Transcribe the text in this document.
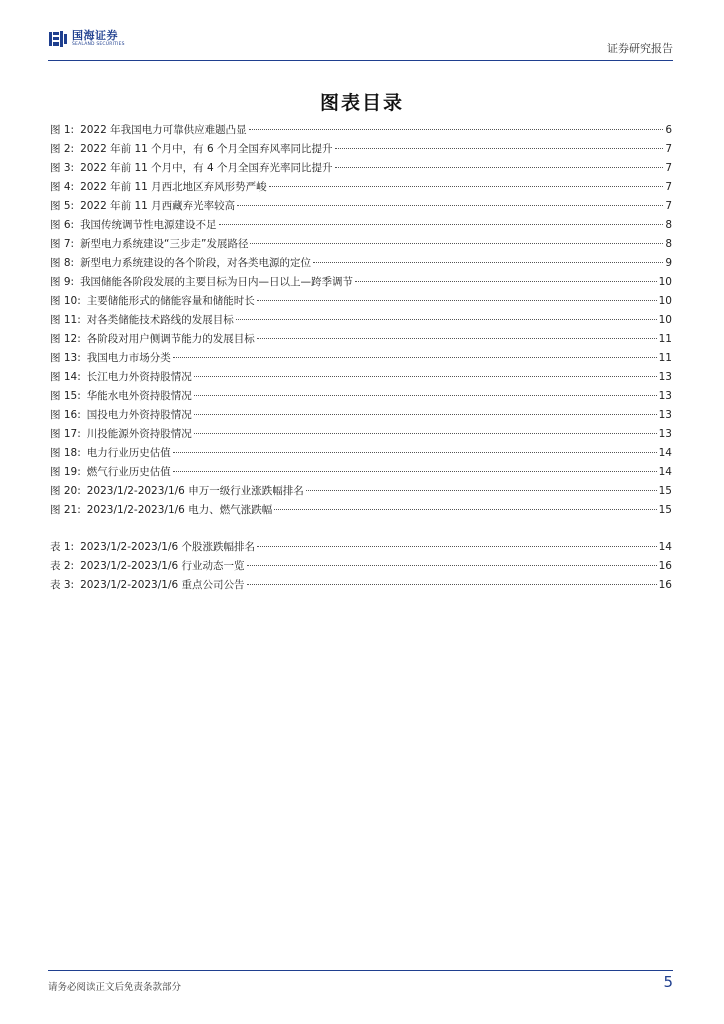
国海证券
SEALAND SECURITIES	证券研究报告
图表目录
图 1: 2022 年我国电力可靠供应难题凸显	6
图 2: 2022 年前 11 个月中，有 6 个月全国弃风率同比提升	7
图 3: 2022 年前 11 个月中，有 4 个月全国弃光率同比提升	7
图 4: 2022 年前 11 月西北地区弃风形势严峻	7
图 5: 2022 年前 11 月西藏弃光率较高	7
图 6: 我国传统调节性电源建设不足	8
图 7: 新型电力系统建设“三步走”发展路径	8
图 8: 新型电力系统建设的各个阶段，对各类电源的定位	9
图 9: 我国储能各阶段发展的主要目标为日内—日以上—跨季调节	10
图 10: 主要储能形式的储能容量和储能时长	10
图 11: 对各类储能技术路线的发展目标	10
图 12: 各阶段对用户侧调节能力的发展目标	11
图 13: 我国电力市场分类	11
图 14: 长江电力外资持股情况	13
图 15: 华能水电外资持股情况	13
图 16: 国投电力外资持股情况	13
图 17: 川投能源外资持股情况	13
图 18: 电力行业历史估值	14
图 19: 燃气行业历史估值	14
图 20: 2023/1/2-2023/1/6 申万一级行业涨跌幅排名	15
图 21: 2023/1/2-2023/1/6 电力、燃气涨跌幅	15
表 1: 2023/1/2-2023/1/6 个股涨跌幅排名	14
表 2: 2023/1/2-2023/1/6 行业动态一览	16
表 3: 2023/1/2-2023/1/6 重点公司公告	16
请务必阅读正文后免责条款部分	5
